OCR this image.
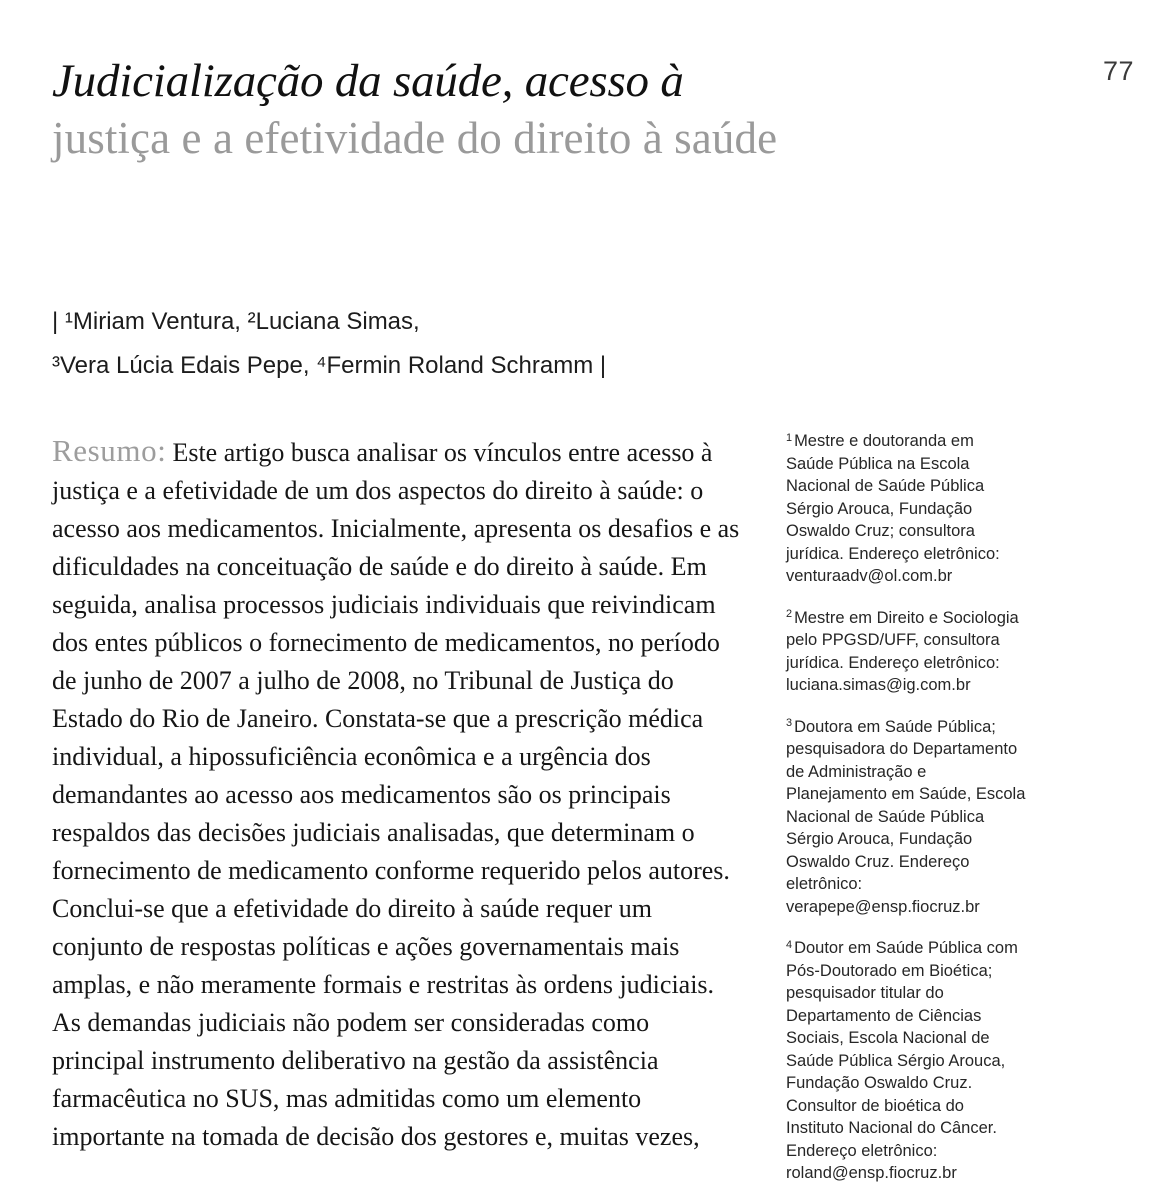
77
Judicialização da saúde, acesso à
justiça e a efetividade do direito à saúde
| ¹Miriam Ventura, ²Luciana Simas,
³Vera Lúcia Edais Pepe, ⁴Fermin Roland Schramm |

Resumo: Este artigo busca analisar os vínculos entre acesso à justiça e a efetividade de um dos aspectos do direito à saúde: o acesso aos medicamentos. Inicialmente, apresenta os desafios e as dificuldades na conceituação de saúde e do direito à saúde. Em seguida, analisa processos judiciais individuais que reivindicam dos entes públicos o fornecimento de medicamentos, no período de junho de 2007 a julho de 2008, no Tribunal de Justiça do Estado do Rio de Janeiro. Constata-se que a prescrição médica individual, a hipossuficiência econômica e a urgência dos demandantes ao acesso aos medicamentos são os principais respaldos das decisões judiciais analisadas, que determinam o fornecimento de medicamento conforme requerido pelos autores. Conclui-se que a efetividade do direito à saúde requer um conjunto de respostas políticas e ações governamentais mais amplas, e não meramente formais e restritas às ordens judiciais. As demandas judiciais não podem ser consideradas como principal instrumento deliberativo na gestão da assistência farmacêutica no SUS, mas admitidas como um elemento importante na tomada de decisão dos gestores e, muitas vezes,

$^1$ Mestre e doutoranda em Saúde Pública na Escola Nacional de Saúde Pública Sérgio Arouca, Fundação Oswaldo Cruz; consultora jurídica. Endereço eletrônico: venturaadv@ol.com.br

$^2$ Mestre em Direito e Sociologia pelo PPGSD/UFF, consultora jurídica. Endereço eletrônico: luciana.simas@ig.com.br

$^3$ Doutora em Saúde Pública; pesquisadora do Departamento de Administração e Planejamento em Saúde, Escola Nacional de Saúde Pública Sérgio Arouca, Fundação Oswaldo Cruz. Endereço eletrônico: verapepe@ensp.fiocruz.br

$^4$ Doutor em Saúde Pública com Pós-Doutorado em Bioética; pesquisador titular do Departamento de Ciências Sociais, Escola Nacional de Saúde Pública Sérgio Arouca, Fundação Oswaldo Cruz. Consultor de bioética do Instituto Nacional do Câncer. Endereço eletrônico: roland@ensp.fiocruz.br
